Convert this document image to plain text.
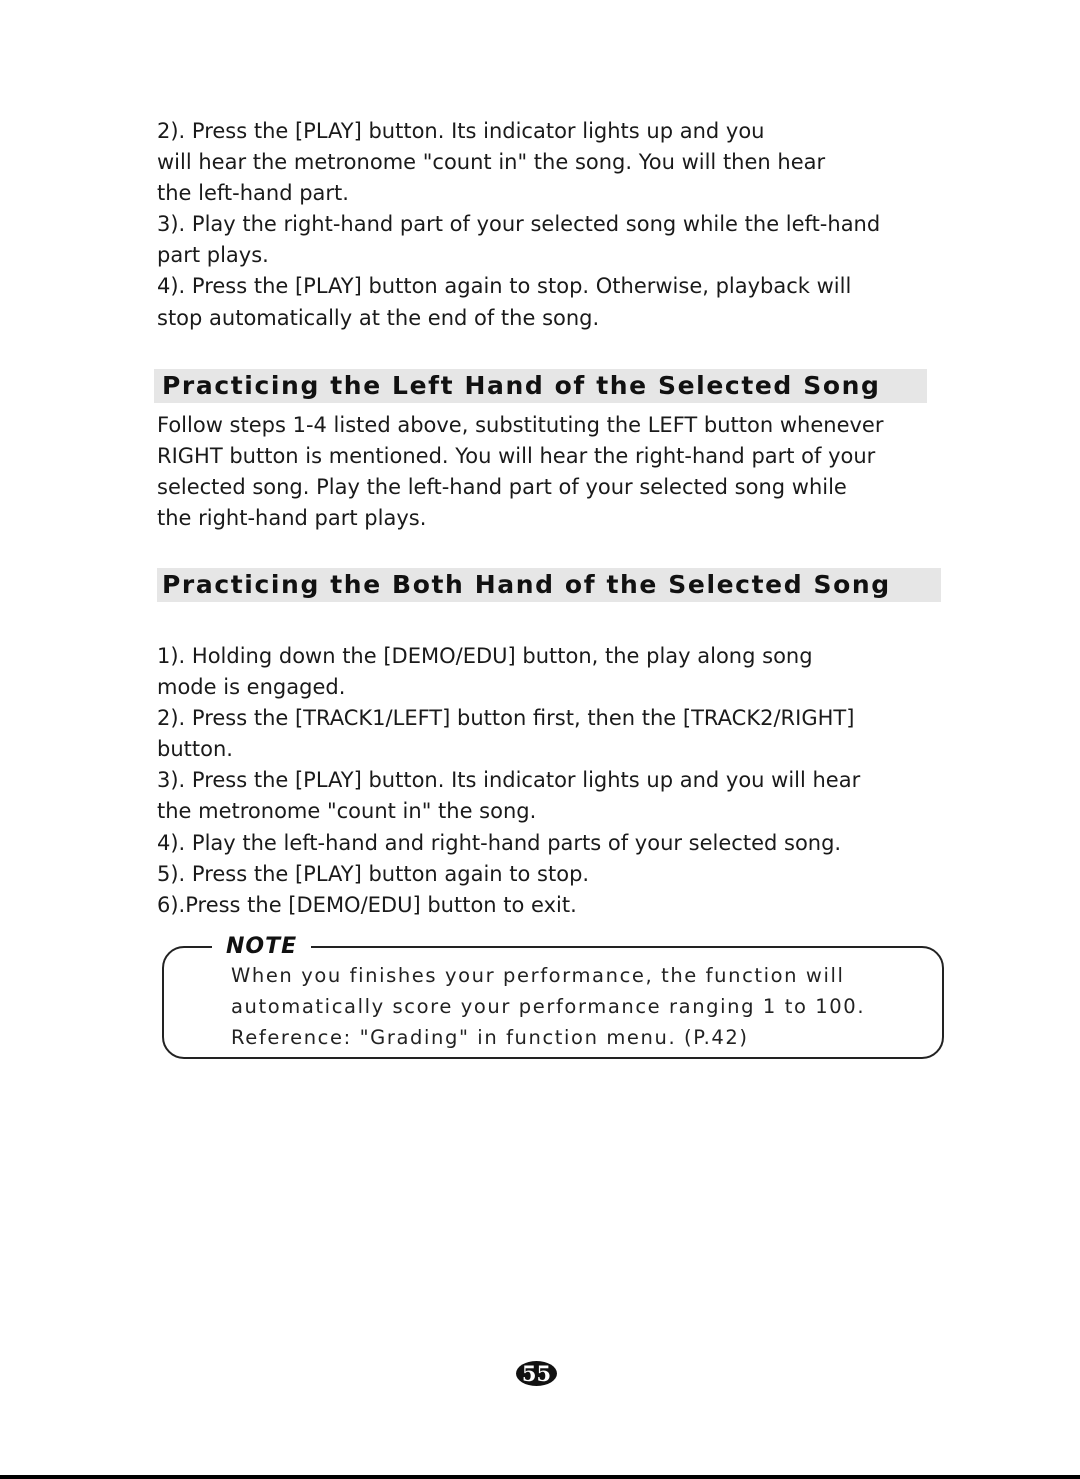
2). Press the [PLAY] button. Its indicator lights up and you
will hear the metronome "count in" the song. You will then hear
the left-hand part.
3). Play the right-hand part of your selected song while the left-hand
part plays.
4). Press the [PLAY] button again to stop. Otherwise, playback will
stop automatically at the end of the song.

Practicing the Left Hand of the Selected Song

Follow steps 1-4 listed above, substituting the LEFT button whenever
RIGHT button is mentioned. You will hear the right-hand part of your
selected song. Play the left-hand part of your selected song while
the right-hand part plays.

Practicing the Both Hand of the Selected Song

1). Holding down the [DEMO/EDU] button, the play along song
mode is engaged.

2). Press the [TRACK1/LEFT] button first, then the [TRACK2/RIGHT]
button.

3). Press the [PLAY] button. Its indicator lights up and you will hear
the metronome "count in" the song.

4). Play the left-hand and right-hand parts of your selected song.

5). Press the [PLAY] button again to stop.

6).Press the [DEMO/EDU] button to exit.

NOTE
When you finishes your performance, the function will
automatically score your performance ranging 1 to 100.
Reference: "Grading" in function menu. (P.42)
55
